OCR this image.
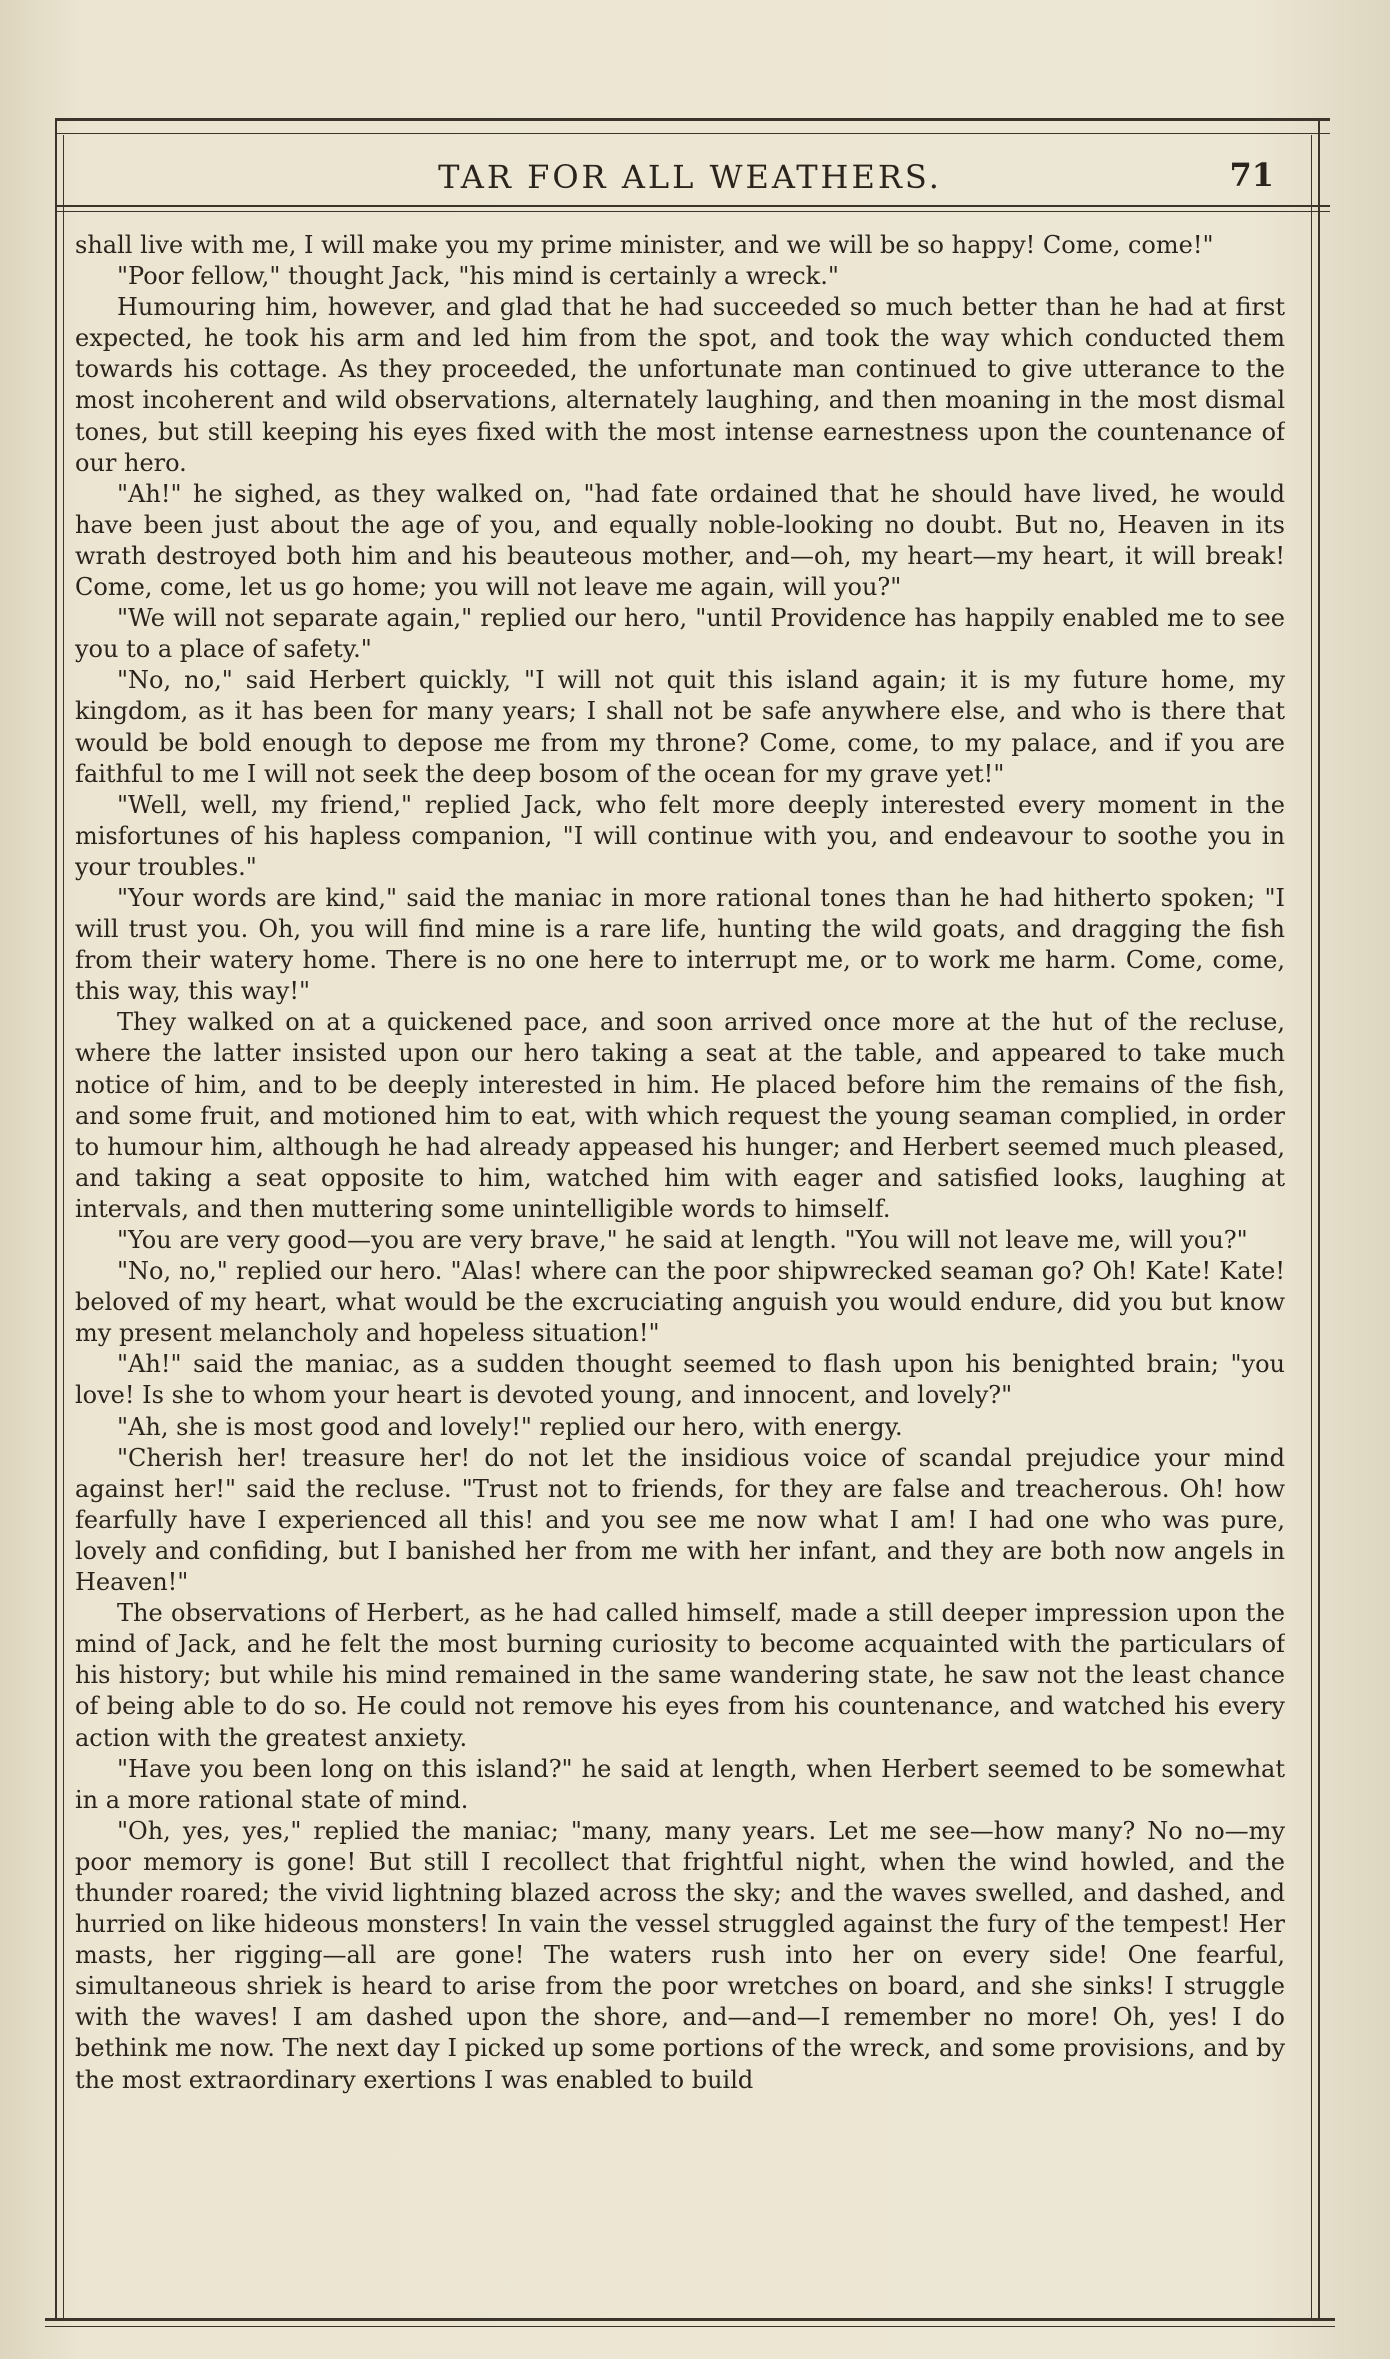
TAR FOR ALL WEATHERS.	71

shall live with me, I will make you my prime minister, and we will be so happy! Come, come!"

"Poor fellow," thought Jack, "his mind is certainly a wreck."

Humouring him, however, and glad that he had succeeded so much better than he had at first expected, he took his arm and led him from the spot, and took the way which conducted them towards his cottage. As they proceeded, the unfortunate man continued to give utterance to the most incoherent and wild observations, alternately laughing, and then moaning in the most dismal tones, but still keeping his eyes fixed with the most intense earnestness upon the countenance of our hero.

"Ah!" he sighed, as they walked on, "had fate ordained that he should have lived, he would have been just about the age of you, and equally noble-looking no doubt. But no, Heaven in its wrath destroyed both him and his beauteous mother, and—oh, my heart—my heart, it will break! Come, come, let us go home; you will not leave me again, will you?"

"We will not separate again," replied our hero, "until Providence has happily enabled me to see you to a place of safety."

"No, no," said Herbert quickly, "I will not quit this island again; it is my future home, my kingdom, as it has been for many years; I shall not be safe anywhere else, and who is there that would be bold enough to depose me from my throne? Come, come, to my palace, and if you are faithful to me I will not seek the deep bosom of the ocean for my grave yet!"

"Well, well, my friend," replied Jack, who felt more deeply interested every moment in the misfortunes of his hapless companion, "I will continue with you, and endeavour to soothe you in your troubles."

"Your words are kind," said the maniac in more rational tones than he had hitherto spoken; "I will trust you. Oh, you will find mine is a rare life, hunting the wild goats, and dragging the fish from their watery home. There is no one here to interrupt me, or to work me harm. Come, come, this way, this way!"

They walked on at a quickened pace, and soon arrived once more at the hut of the recluse, where the latter insisted upon our hero taking a seat at the table, and appeared to take much notice of him, and to be deeply interested in him. He placed before him the remains of the fish, and some fruit, and motioned him to eat, with which request the young seaman complied, in order to humour him, although he had already appeased his hunger; and Herbert seemed much pleased, and taking a seat opposite to him, watched him with eager and satisfied looks, laughing at intervals, and then muttering some unintelligible words to himself.

"You are very good—you are very brave," he said at length. "You will not leave me, will you?"

"No, no," replied our hero. "Alas! where can the poor shipwrecked seaman go? Oh! Kate! Kate! beloved of my heart, what would be the excruciating anguish you would endure, did you but know my present melancholy and hopeless situation!"

"Ah!" said the maniac, as a sudden thought seemed to flash upon his benighted brain; "you love! Is she to whom your heart is devoted young, and innocent, and lovely?"

"Ah, she is most good and lovely!" replied our hero, with energy.

"Cherish her! treasure her! do not let the insidious voice of scandal prejudice your mind against her!" said the recluse. "Trust not to friends, for they are false and treacherous. Oh! how fearfully have I experienced all this! and you see me now what I am! I had one who was pure, lovely and confiding, but I banished her from me with her infant, and they are both now angels in Heaven!"

The observations of Herbert, as he had called himself, made a still deeper impression upon the mind of Jack, and he felt the most burning curiosity to become acquainted with the particulars of his history; but while his mind remained in the same wandering state, he saw not the least chance of being able to do so. He could not remove his eyes from his countenance, and watched his every action with the greatest anxiety.

"Have you been long on this island?" he said at length, when Herbert seemed to be somewhat in a more rational state of mind.

"Oh, yes, yes," replied the maniac; "many, many years. Let me see—how many? No no—my poor memory is gone! But still I recollect that frightful night, when the wind howled, and the thunder roared; the vivid lightning blazed across the sky; and the waves swelled, and dashed, and hurried on like hideous monsters! In vain the vessel struggled against the fury of the tempest! Her masts, her rigging—all are gone! The waters rush into her on every side! One fearful, simultaneous shriek is heard to arise from the poor wretches on board, and she sinks! I struggle with the waves! I am dashed upon the shore, and—and—I remember no more! Oh, yes! I do bethink me now. The next day I picked up some portions of the wreck, and some provisions, and by the most extraordinary exertions I was enabled to build
